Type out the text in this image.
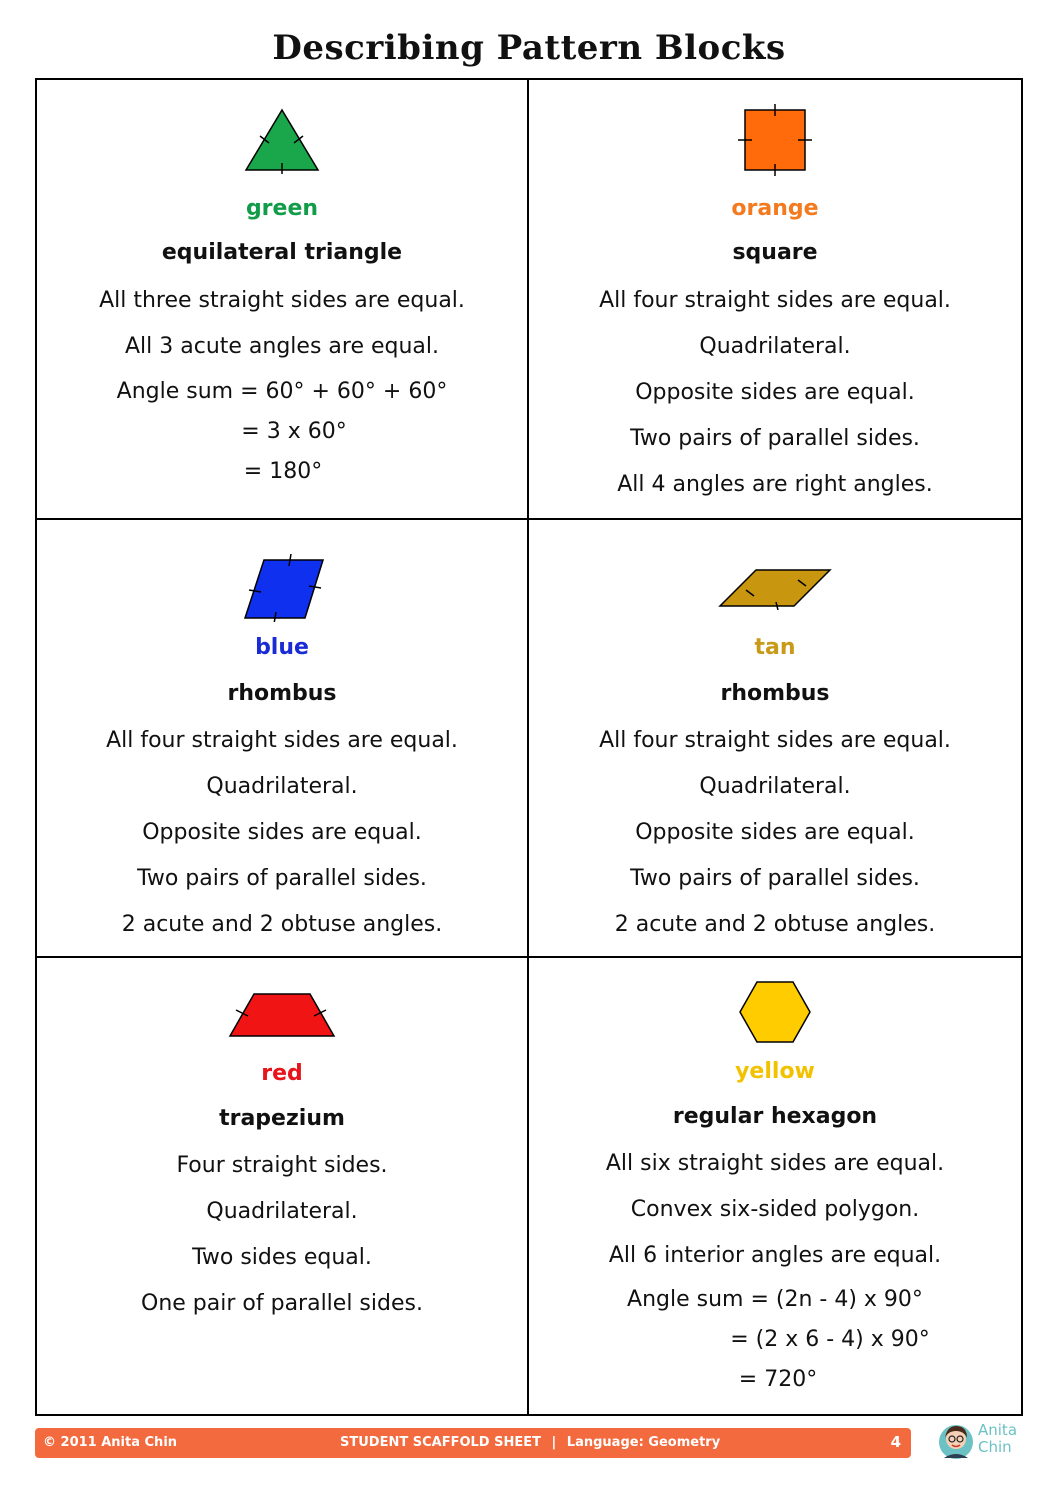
Describing Pattern Blocks
green
equilateral triangle
All three straight sides are equal.
All 3 acute angles are equal.
Angle sum = 60° + 60° + 60°
= 3 x 60°
= 180°
orange
square
All four straight sides are equal.
Quadrilateral.
Opposite sides are equal.
Two pairs of parallel sides.
All 4 angles are right angles.
blue
rhombus
All four straight sides are equal.
Quadrilateral.
Opposite sides are equal.
Two pairs of parallel sides.
2 acute and 2 obtuse angles.
tan
rhombus
All four straight sides are equal.
Quadrilateral.
Opposite sides are equal.
Two pairs of parallel sides.
2 acute and 2 obtuse angles.
red
trapezium
Four straight sides.
Quadrilateral.
Two sides equal.
One pair of parallel sides.
yellow
regular hexagon
All six straight sides are equal.
Convex six-sided polygon.
All 6 interior angles are equal.
Angle sum = (2n - 4) x 90°
= (2 x 6 - 4) x 90°
= 720°
© 2011 Anita Chin	STUDENT SCAFFOLD SHEET | Language: Geometry	4
Anita
Chin
